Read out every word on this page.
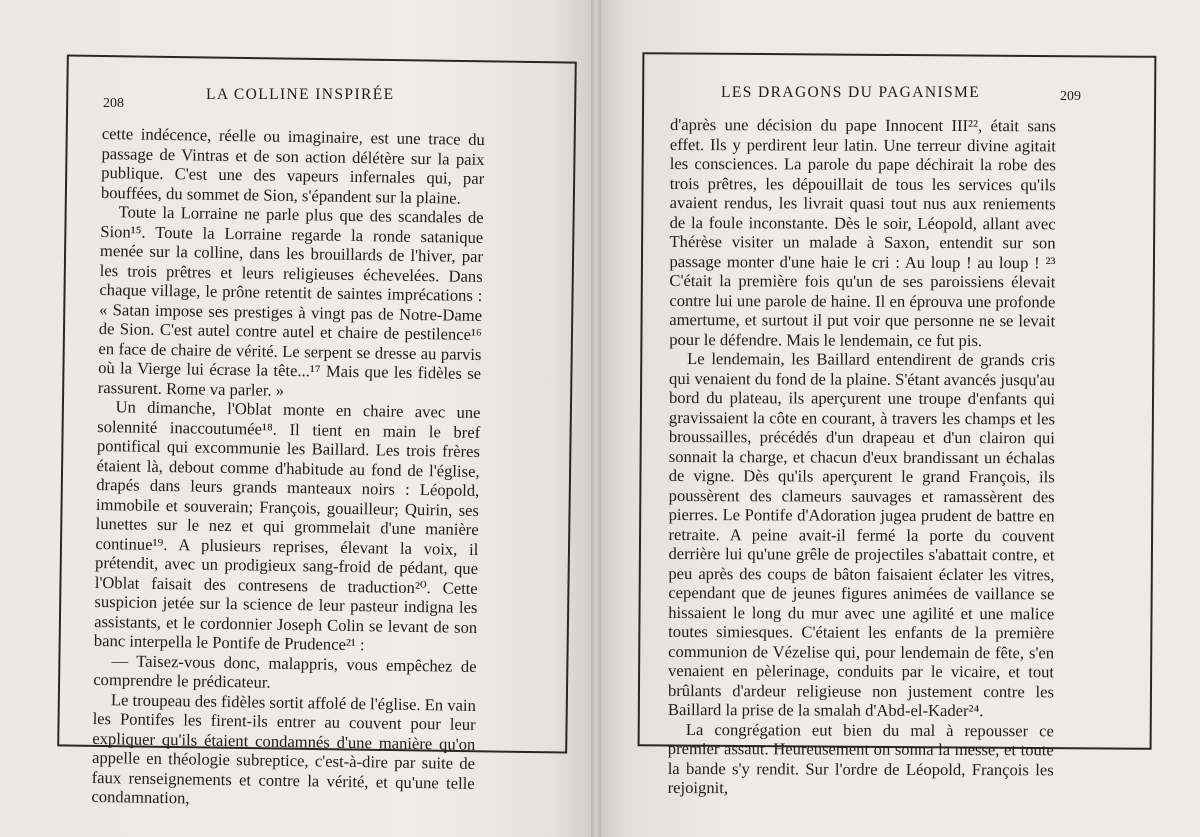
208
LA COLLINE INSPIRÉE

cette indécence, réelle ou imaginaire, est une trace du passage de Vintras et de son action délétère sur la paix publique. C'est une des vapeurs infernales qui, par bouffées, du sommet de Sion, s'épandent sur la plaine.

Toute la Lorraine ne parle plus que des scandales de Sion¹⁵. Toute la Lorraine regarde la ronde satanique menée sur la colline, dans les brouillards de l'hiver, par les trois prêtres et leurs religieuses échevelées. Dans chaque village, le prône retentit de saintes imprécations : « Satan impose ses prestiges à vingt pas de Notre-Dame de Sion. C'est autel contre autel et chaire de pestilence¹⁶ en face de chaire de vérité. Le serpent se dresse au parvis où la Vierge lui écrase la tête...¹⁷ Mais que les fidèles se rassurent. Rome va parler. »

Un dimanche, l'Oblat monte en chaire avec une solennité inaccoutumée¹⁸. Il tient en main le bref pontifical qui excommunie les Baillard. Les trois frères étaient là, debout comme d'habitude au fond de l'église, drapés dans leurs grands manteaux noirs : Léopold, immobile et souverain; François, gouailleur; Quirin, ses lunettes sur le nez et qui grommelait d'une manière continue¹⁹. A plusieurs reprises, élevant la voix, il prétendit, avec un prodigieux sang-froid de pédant, que l'Oblat faisait des contresens de traduction²⁰. Cette suspicion jetée sur la science de leur pasteur indigna les assistants, et le cordonnier Joseph Colin se levant de son banc interpella le Pontife de Prudence²¹ :

— Taisez-vous donc, malappris, vous empêchez de comprendre le prédicateur.

Le troupeau des fidèles sortit affolé de l'église. En vain les Pontifes les firent-ils entrer au couvent pour leur expliquer qu'ils étaient condamnés d'une manière qu'on appelle en théologie subreptice, c'est-à-dire par suite de faux renseignements et contre la vérité, et qu'une telle condamnation,

LES DRAGONS DU PAGANISME	209

d'après une décision du pape Innocent III²², était sans effet. Ils y perdirent leur latin. Une terreur divine agitait les consciences. La parole du pape déchirait la robe des trois prêtres, les dépouillait de tous les services qu'ils avaient rendus, les livrait quasi tout nus aux reniements de la foule inconstante. Dès le soir, Léopold, allant avec Thérèse visiter un malade à Saxon, entendit sur son passage monter d'une haie le cri : Au loup ! au loup ! ²³ C'était la première fois qu'un de ses paroissiens élevait contre lui une parole de haine. Il en éprouva une profonde amertume, et surtout il put voir que personne ne se levait pour le défendre. Mais le lendemain, ce fut pis.

Le lendemain, les Baillard entendirent de grands cris qui venaient du fond de la plaine. S'étant avancés jusqu'au bord du plateau, ils aperçurent une troupe d'enfants qui gravissaient la côte en courant, à travers les champs et les broussailles, précédés d'un drapeau et d'un clairon qui sonnait la charge, et chacun d'eux brandissant un échalas de vigne. Dès qu'ils aperçurent le grand François, ils poussèrent des clameurs sauvages et ramassèrent des pierres. Le Pontife d'Adoration jugea prudent de battre en retraite. A peine avait-il fermé la porte du couvent derrière lui qu'une grêle de projectiles s'abattait contre, et peu après des coups de bâton faisaient éclater les vitres, cependant que de jeunes figures animées de vaillance se hissaient le long du mur avec une agilité et une malice toutes simiesques. C'étaient les enfants de la première communion de Vézelise qui, pour lendemain de fête, s'en venaient en pèlerinage, conduits par le vicaire, et tout brûlants d'ardeur religieuse non justement contre les Baillard la prise de la smalah d'Abd-el-Kader²⁴.

La congrégation eut bien du mal à repousser ce premier assaut. Heureusement on sonna la messe, et toute la bande s'y rendit. Sur l'ordre de Léopold, François les rejoignit,
